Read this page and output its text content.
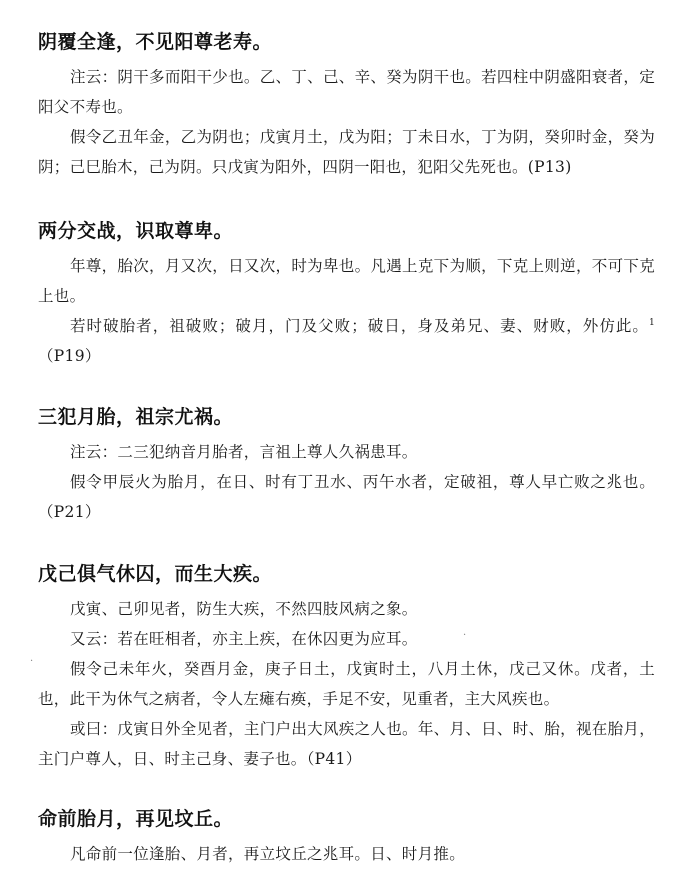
阴覆全逢，不见阳尊老寿。

注云：阴干多而阳干少也。乙、丁、己、辛、癸为阴干也。若四柱中阴盛阳衰者，定阳父不寿也。

假令乙丑年金，乙为阴也；戊寅月土，戊为阳；丁未日水，丁为阴，癸卯时金，癸为阴；己巳胎木，己为阴。只戊寅为阳外，四阴一阳也，犯阳父先死也。(P13)

两分交战，识取尊卑。

年尊，胎次，月又次，日又次，时为卑也。凡遇上克下为顺，下克上则逆，不可下克上也。

若时破胎者，祖破败；破月，门及父败；破日，身及弟兄、妻、财败，外仿此。$^1$（P19）

三犯月胎，祖宗尤祸。

注云：二三犯纳音月胎者，言祖上尊人久祸患耳。

假令甲辰火为胎月，在日、时有丁丑水、丙午水者，定破祖，尊人早亡败之兆也。（P21）

戊己俱气休囚，而生大疾。

戊寅、己卯见者，防生大疾，不然四肢风病之象。

又云：若在旺相者，亦主上疾，在休囚更为应耳。

假令己未年火，癸酉月金，庚子日土，戊寅时土，八月土休，戊己又休。戊者，土也，此干为休气之病者，令人左瘫右痪，手足不安，见重者，主大风疾也。

或曰：戊寅日外全见者，主门户出大风疾之人也。年、月、日、时、胎，视在胎月，主门户尊人，日、时主己身、妻子也。（P41）

命前胎月，再见坟丘。

凡命前一位逢胎、月者，再立坟丘之兆耳。日、时月推。

·
·
